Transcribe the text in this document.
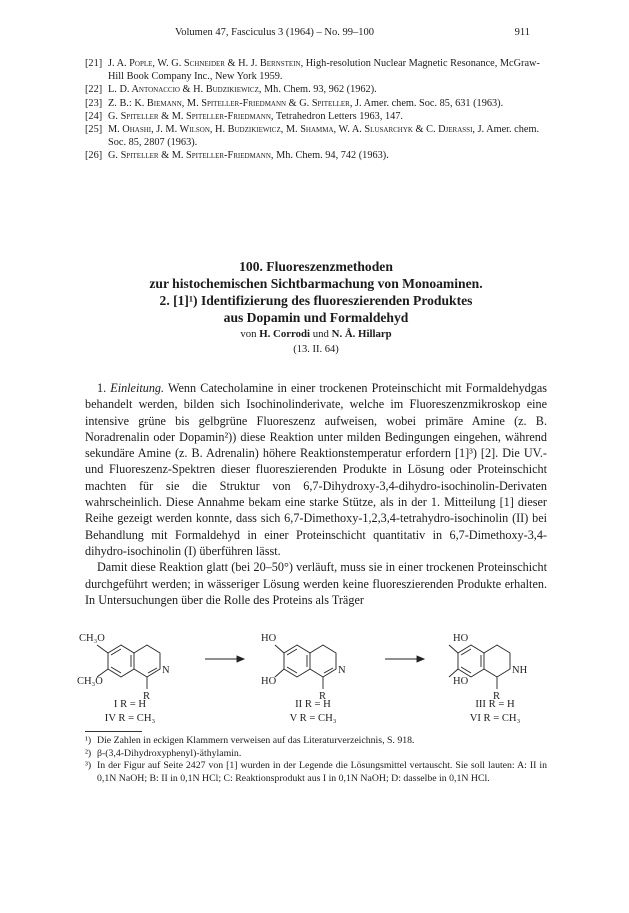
Volumen 47, Fasciculus 3 (1964) – No. 99–100	911
[21] J. A. Pople, W. G. Schneider & H. J. Bernstein, High-resolution Nuclear Magnetic Resonance, McGraw-Hill Book Company Inc., New York 1959.
[22] L. D. Antonaccio & H. Budzikiewicz, Mh. Chem. 93, 962 (1962).
[23] Z. B.: K. Biemann, M. Spiteller-Friedmann & G. Spiteller, J. Amer. chem. Soc. 85, 631 (1963).
[24] G. Spiteller & M. Spiteller-Friedmann, Tetrahedron Letters 1963, 147.
[25] M. Ohashi, J. M. Wilson, H. Budzikiewicz, M. Shamma, W. A. Slusarchyk & C. Djerassi, J. Amer. chem. Soc. 85, 2807 (1963).
[26] G. Spiteller & M. Spiteller-Friedmann, Mh. Chem. 94, 742 (1963).

100. Fluoreszenzmethoden

zur histochemischen Sichtbarmachung von Monoaminen.

2. [1]¹) Identifizierung des fluoreszierenden Produktes

aus Dopamin und Formaldehyd

von H. Corrodi und N. Å. Hillarp
(13. II. 64)

1. Einleitung. Wenn Catecholamine in einer trockenen Proteinschicht mit Formaldehydgas behandelt werden, bilden sich Isochinolinderivate, welche im Fluoreszenzmikroskop eine intensive grüne bis gelbgrüne Fluoreszenz aufweisen, wobei primäre Amine (z. B. Noradrenalin oder Dopamin²)) diese Reaktion unter milden Bedingungen eingehen, während sekundäre Amine (z. B. Adrenalin) höhere Reaktionstemperatur erfordern [1]³) [2]. Die UV.- und Fluoreszenz-Spektren dieser fluoreszierenden Produkte in Lösung oder Proteinschicht machten für sie die Struktur von 6,7-Dihydroxy-3,4-dihydro-isochinolin-Derivaten wahrscheinlich. Diese Annahme bekam eine starke Stütze, als in der 1. Mitteilung [1] dieser Reihe gezeigt werden konnte, dass sich 6,7-Dimethoxy-1,2,3,4-tetrahydro-isochinolin (II) bei Behandlung mit Formaldehyd in einer Proteinschicht quantitativ in 6,7-Dimethoxy-3,4-dihydro-isochinolin (I) überführen lässt.

Damit diese Reaktion glatt (bei 20–50°) verläuft, muss sie in einer trockenen Proteinschicht durchgeführt werden; in wässeriger Lösung werden keine fluoreszierenden Produkte erhalten. In Untersuchungen über die Rolle des Proteins als Träger

CH₃O
CH₃O
N
R
HO
HO
N
R
HO
HO
NH
R
I R = H
IV R = CH₃
II R = H
V R = CH₃
III R = H
VI R = CH₃
¹) Die Zahlen in eckigen Klammern verweisen auf das Literaturverzeichnis, S. 918.
²) β-(3,4-Dihydroxyphenyl)-äthylamin.
³) In der Figur auf Seite 2427 von [1] wurden in der Legende die Lösungsmittel vertauscht. Sie soll lauten: A: II in 0,1N NaOH; B: II in 0,1N HCl; C: Reaktionsprodukt aus I in 0,1N NaOH; D: dasselbe in 0,1N HCl.
